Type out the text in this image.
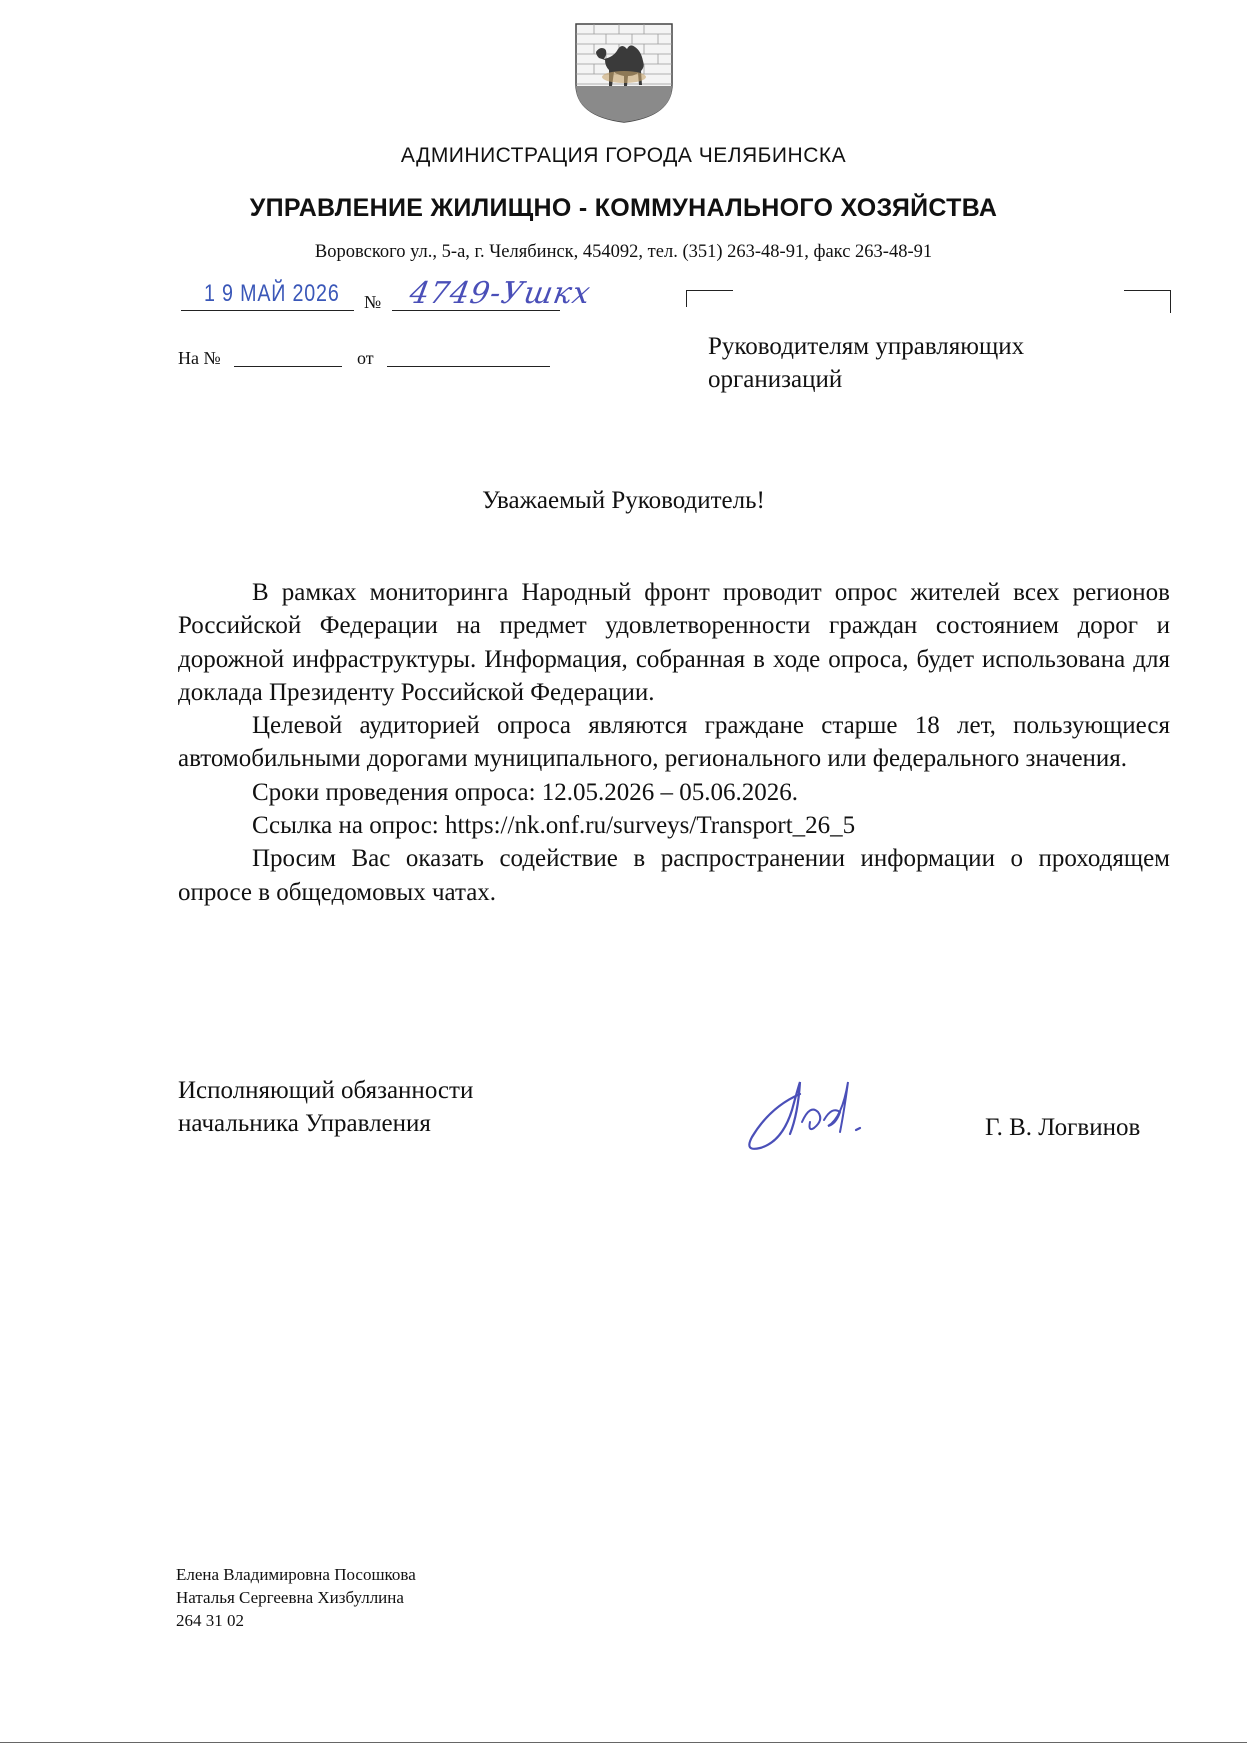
АДМИНИСТРАЦИЯ ГОРОДА ЧЕЛЯБИНСКА
УПРАВЛЕНИЕ ЖИЛИЩНО - КОММУНАЛЬНОГО ХОЗЯЙСТВА
Воровского ул., 5-а, г. Челябинск, 454092, тел. (351) 263-48-91, факс 263-48-91
1 9 МАЙ 2026 № 4749-Ушкх
На №	от	Руководителям управляющих организаций
Уважаемый Руководитель!

В рамках мониторинга Народный фронт проводит опрос жителей всех регионов Российской Федерации на предмет удовлетворенности граждан состоянием дорог и дорожной инфраструктуры. Информация, собранная в ходе опроса, будет использована для доклада Президенту Российской Федерации.

Целевой аудиторией опроса являются граждане старше 18 лет, пользующиеся автомобильными дорогами муниципального, регионального или федерального значения.

Сроки проведения опроса: 12.05.2026 – 05.06.2026.

Ссылка на опрос: https://nk.onf.ru/surveys/Transport_26_5

Просим Вас оказать содействие в распространении информации о проходящем опросе в общедомовых чатах.

Исполняющий обязанности
начальника Управления	Г. В. Логвинов
Елена Владимировна Посошкова
Наталья Сергеевна Хизбуллина
264 31 02
